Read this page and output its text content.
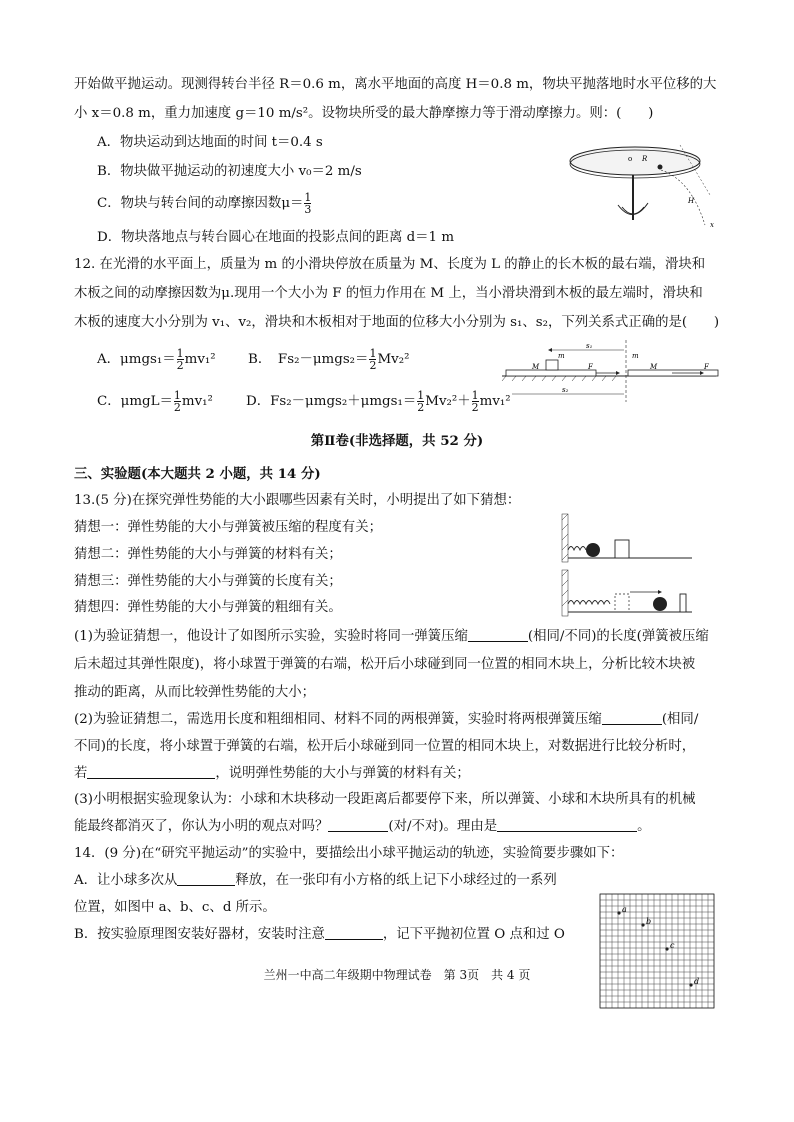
开始做平抛运动。现测得转台半径 R＝0.6 m，离水平地面的高度 H＝0.8 m，物块平抛落地时水平位移的大
小 x＝0.8 m，重力加速度 g＝10 m/s²。设物块所受的最大静摩擦力等于滑动摩擦力。则：(　　)
A．物块运动到达地面的时间 t＝0.4 s
B．物块做平抛运动的初速度大小 v₀＝2 m/s
C．物块与转台间的动摩擦因数$\mu= \frac{1}{3}$
D．物块落地点与转台圆心在地面的投影点间的距离 d＝1 m
o R
H
x
12. 在光滑的水平面上，质量为 m 的小滑块停放在质量为 M、长度为 L 的静止的长木板的最右端，滑块和
木板之间的动摩擦因数为μ.现用一个大小为 F 的恒力作用在 M 上，当小滑块滑到木板的最左端时，滑块和
木板的速度大小分别为 v₁、v₂，滑块和木板相对于地面的位移大小分别为 s₁、s₂，下列关系式正确的是(　　)
A．$\mu mgs_1= \frac{1}{2} mv_1^2$ B．　$Fs_2-\mu mgs_2= \frac{1}{2} Mv_2^2$
C．$\mu mgL= \frac{1}{2} mv_1^2$ D．$Fs_2-\mu mgs_2+\mu mgs_1= \frac{1}{2} Mv_2^2+ \frac{1}{2} mv_1^2$
s₁
s₂
m	m
M	M
F	F
第Ⅱ卷(非选择题，共 52 分)
三、实验题(本大题共 2 小题，共 14 分)
13.(5 分)在探究弹性势能的大小跟哪些因素有关时，小明提出了如下猜想：
猜想一：弹性势能的大小与弹簧被压缩的程度有关；
猜想二：弹性势能的大小与弹簧的材料有关；
猜想三：弹性势能的大小与弹簧的长度有关；
猜想四：弹性势能的大小与弹簧的粗细有关。
(1)为验证猜想一，他设计了如图所示实验，实验时将同一弹簧压缩	(相同/不同)的长度(弹簧被压缩
后未超过其弹性限度)，将小球置于弹簧的右端，松开后小球碰到同一位置的相同木块上，分析比较木块被
推动的距离，从而比较弹性势能的大小；
(2)为验证猜想二，需选用长度和粗细相同、材料不同的两根弹簧，实验时将两根弹簧压缩	(相同/
不同)的长度，将小球置于弹簧的右端，松开后小球碰到同一位置的相同木块上，对数据进行比较分析时，
若	，说明弹性势能的大小与弹簧的材料有关；
(3)小明根据实验现象认为：小球和木块移动一段距离后都要停下来，所以弹簧、小球和木块所具有的机械
能最终都消灭了，你认为小明的观点对吗？	(对/不对)。理由是	。
14．(9 分)在“研究平抛运动”的实验中，要描绘出小球平抛运动的轨迹，实验简要步骤如下：
A．让小球多次从	释放，在一张印有小方格的纸上记下小球经过的一系列
位置，如图中 a、b、c、d 所示。
B．按实验原理图安装好器材，安装时注意	，记下平抛初位置 O 点和过 O
a
b
c
d
兰州一中高二年级期中物理试卷　第 3页　共 4 页
